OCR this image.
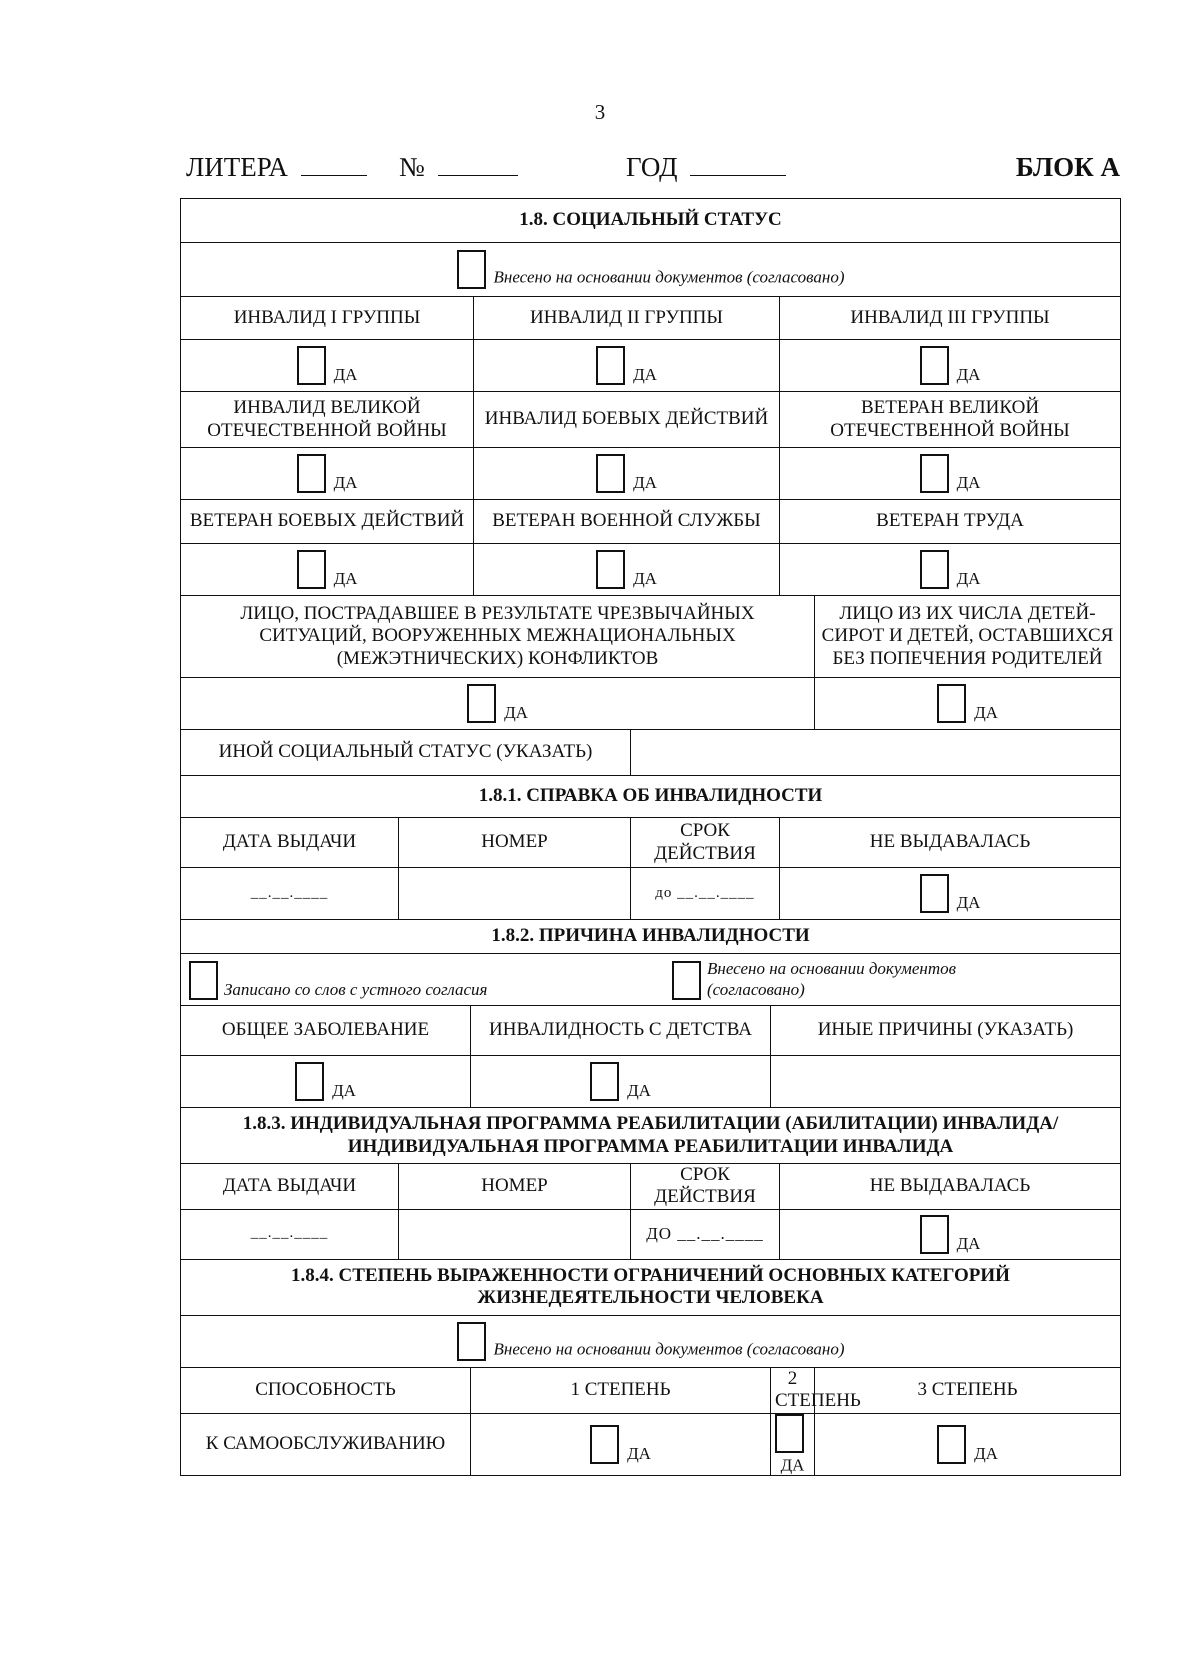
3
ЛИТЕРА	№	ГОД	БЛОК А
1.8. СОЦИАЛЬНЫЙ СТАТУС							
Внесено на основании документов (согласовано)							
ИНВАЛИД I ГРУППЫ			ИНВАЛИД II ГРУППЫ			ИНВАЛИД III ГРУППЫ	
ДА			ДА			ДА	
ИНВАЛИД ВЕЛИКОЙ ОТЕЧЕСТВЕННОЙ ВОЙНЫ			ИНВАЛИД БОЕВЫХ ДЕЙСТВИЙ			ВЕТЕРАН ВЕЛИКОЙ ОТЕЧЕСТВЕННОЙ ВОЙНЫ	
ДА			ДА			ДА	
ВЕТЕРАН БОЕВЫХ ДЕЙСТВИЙ			ВЕТЕРАН ВОЕННОЙ СЛУЖБЫ			ВЕТЕРАН ТРУДА	
ДА			ДА			ДА	
ЛИЦО, ПОСТРАДАВШЕЕ В РЕЗУЛЬТАТЕ ЧРЕЗВЫЧАЙНЫХ СИТУАЦИЙ, ВООРУЖЕННЫХ МЕЖНАЦИОНАЛЬНЫХ (МЕЖЭТНИЧЕСКИХ) КОНФЛИКТОВ							ЛИЦО ИЗ ИХ ЧИСЛА ДЕТЕЙ-СИРОТ И ДЕТЕЙ, ОСТАВШИХСЯ БЕЗ ПОПЕЧЕНИЯ РОДИТЕЛЕЙ
ДА							ДА
ИНОЙ СОЦИАЛЬНЫЙ СТАТУС (УКАЗАТЬ)							
1.8.1. СПРАВКА ОБ ИНВАЛИДНОСТИ							
ДАТА ВЫДАЧИ	НОМЕР			СРОК ДЕЙСТВИЯ		НЕ ВЫДАВАЛАСЬ	
__.__.____				до __.__.____		ДА	
1.8.2. ПРИЧИНА ИНВАЛИДНОСТИ							

Записано со слов с устного согласия
Внесено на основании документов (согласовано)							

ОБЩЕЕ ЗАБОЛЕВАНИЕ		ИНВАЛИДНОСТЬ С ДЕТСТВА			ИНЫЕ ПРИЧИНЫ (УКАЗАТЬ)		
ДА		ДА					
1.8.3. ИНДИВИДУАЛЬНАЯ ПРОГРАММА РЕАБИЛИТАЦИИ (АБИЛИТАЦИИ) ИНВАЛИДА/ИНДИВИДУАЛЬНАЯ ПРОГРАММА РЕАБИЛИТАЦИИ ИНВАЛИДА							
ДАТА ВЫДАЧИ	НОМЕР			СРОК ДЕЙСТВИЯ		НЕ ВЫДАВАЛАСЬ	
__.__.____				ДО __.__.____		ДА	
1.8.4. СТЕПЕНЬ ВЫРАЖЕННОСТИ ОГРАНИЧЕНИЙ ОСНОВНЫХ КАТЕГОРИЙ ЖИЗНЕДЕЯТЕЛЬНОСТИ ЧЕЛОВЕКА							
Внесено на основании документов (согласовано)							
СПОСОБНОСТЬ		1 СТЕПЕНЬ			2 СТЕПЕНЬ		3 СТЕПЕНЬ
К САМООБСЛУЖИВАНИЮ		ДА			ДА		ДА
